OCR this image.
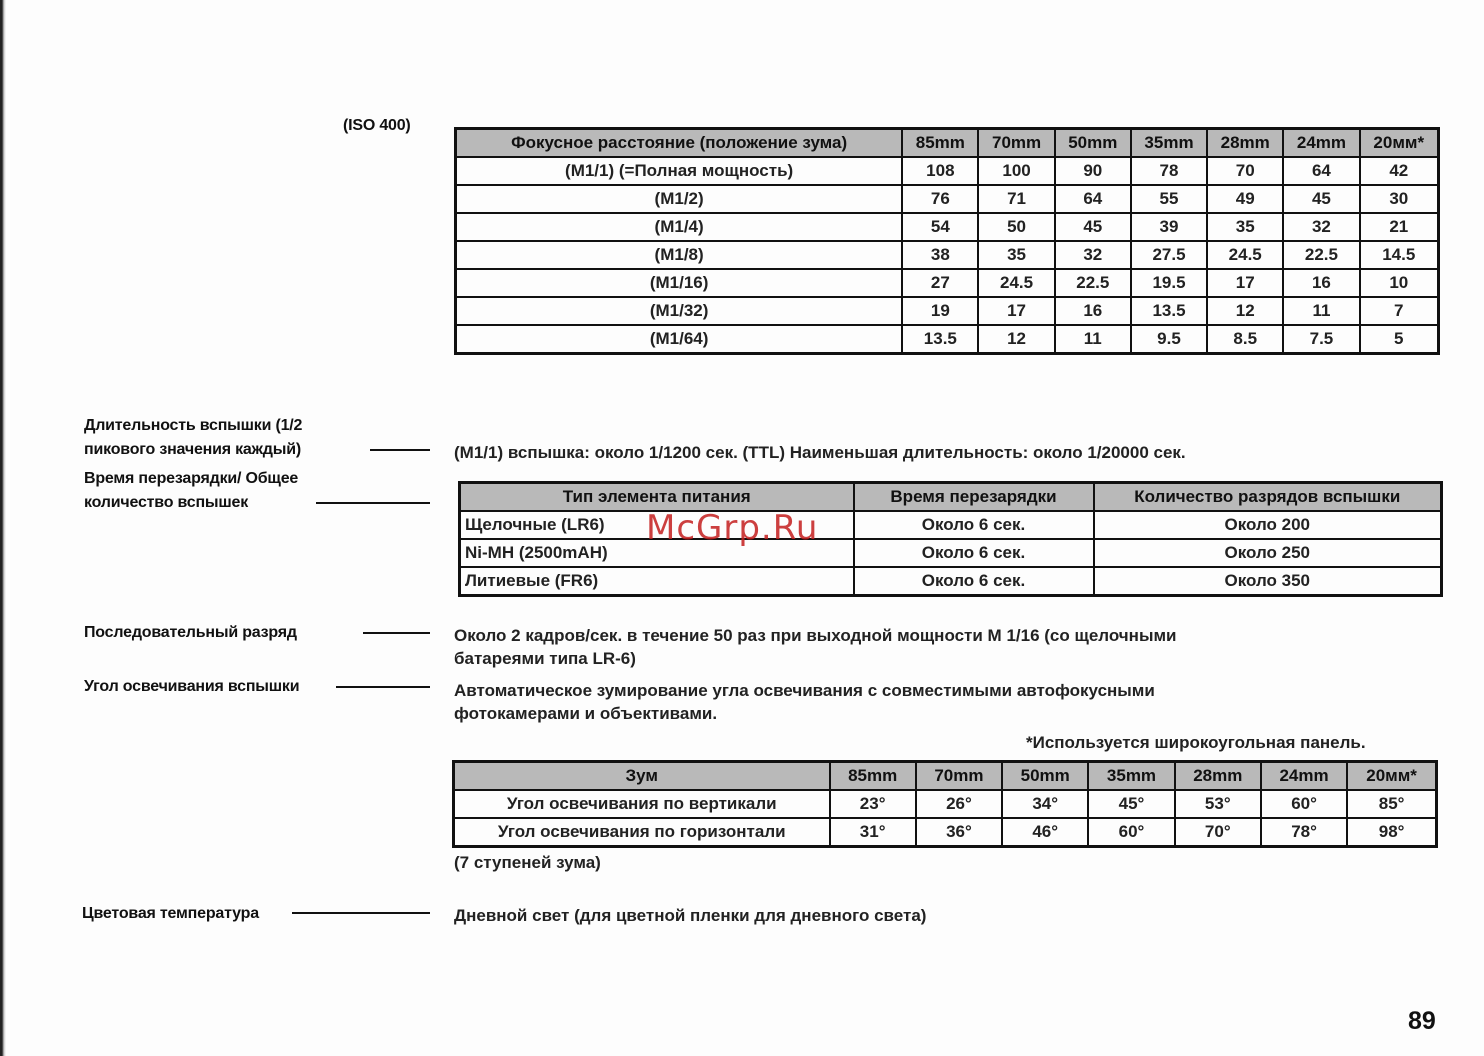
(ISO 400)
Фокусное расстояние (положение зума)	85mm	70mm	50mm	35mm	28mm	24mm	20мм*
(M1/1) (=Полная мощность)	108	100	90	78	70	64	42
(M1/2)	76	71	64	55	49	45	30
(M1/4)	54	50	45	39	35	32	21
(M1/8)	38	35	32	27.5	24.5	22.5	14.5
(M1/16)	27	24.5	22.5	19.5	17	16	10
(M1/32)	19	17	16	13.5	12	11	7
(M1/64)	13.5	12	11	9.5	8.5	7.5	5
Длительность вспышки (1/2
пикового значения каждый)	(M1/1) вспышка: около 1/1200 сек. (TTL) Наименьшая длительность: около 1/20000 сек.
Время перезарядки/ Общее
количество вспышек	Тип элемента питания	Время перезарядки	Количество разрядов вспышки
Щелочные (LR6)	Около 6 сек.	Около 200
Ni-MH (2500mAH)	Около 6 сек.	Около 250
Литиевые (FR6)	Около 6 сек.	Около 350
McGrp.Ru
Последовательный разряд	Около 2 кадров/сек. в течение 50 раз при выходной мощности M 1/16 (со щелочными
батареями типа LR-6)
Угол освечивания вспышки	Автоматическое зумирование угла освечивания с совместимыми автофокусными
фотокамерами и объективами.
*Используется широкоугольная панель.
Зум	85mm	70mm	50mm	35mm	28mm	24mm	20мм*
Угол освечивания по вертикали	23°	26°	34°	45°	53°	60°	85°
Угол освечивания по горизонтали	31°	36°	46°	60°	70°	78°	98°
(7 ступеней зума)
Цветовая температура	Дневной свет (для цветной пленки для дневного света)
89
